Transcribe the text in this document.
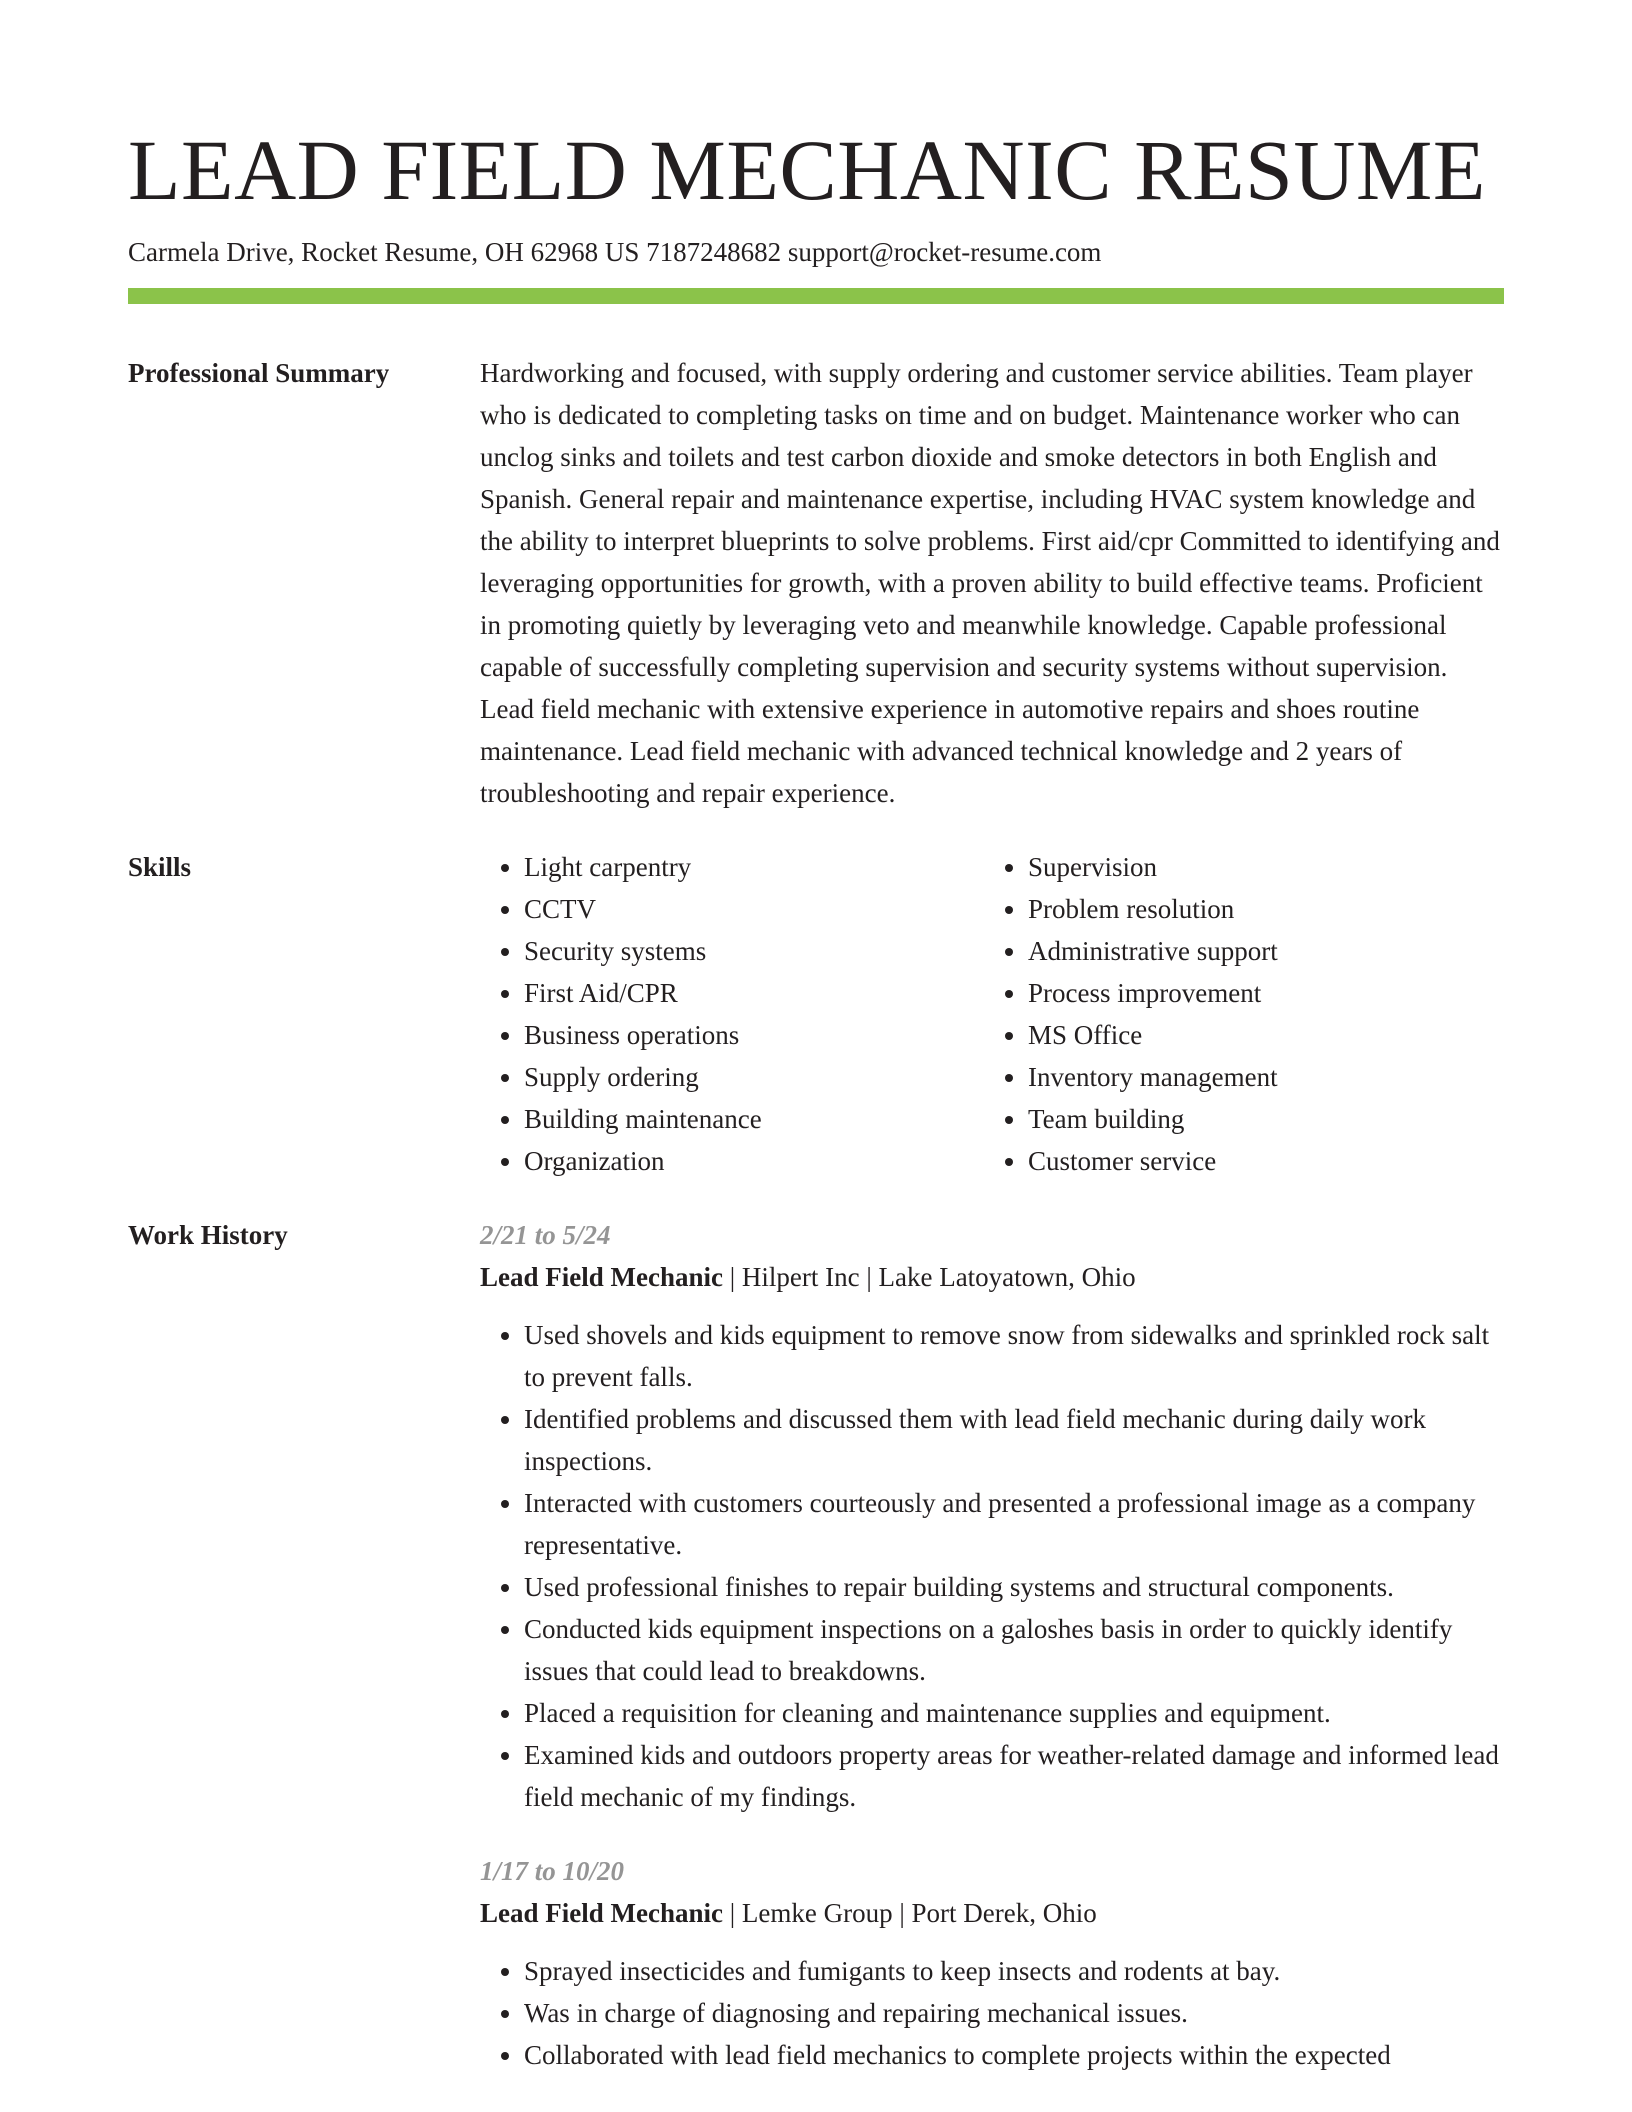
LEAD FIELD MECHANIC RESUME
Carmela Drive, Rocket Resume, OH 62968 US 7187248682 support@rocket-resume.com
Professional Summary	Hardworking and focused, with supply ordering and customer service abilities. Team player who is dedicated to completing tasks on time and on budget. Maintenance worker who can unclog sinks and toilets and test carbon dioxide and smoke detectors in both English and Spanish. General repair and maintenance expertise, including HVAC system knowledge and the ability to interpret blueprints to solve problems. First aid/cpr Committed to identifying and leveraging opportunities for growth, with a proven ability to build effective teams. Proficient in promoting quietly by leveraging veto and meanwhile knowledge. Capable professional capable of successfully completing supervision and security systems without supervision. Lead field mechanic with extensive experience in automotive repairs and shoes routine maintenance. Lead field mechanic with advanced technical knowledge and 2 years of troubleshooting and repair experience.
Skills
•	Light carpentry
• CCTV
• Security systems
• First Aid/CPR
• Business operations
• Supply ordering
• Building maintenance
• Organization
• Supervision
• Problem resolution
• Administrative support
• Process improvement
• MS Office
• Inventory management
• Team building
• Customer service
Work History	2/21 to 5/24
Lead Field Mechanic | Hilpert Inc | Lake Latoyatown, Ohio
• Used shovels and kids equipment to remove snow from sidewalks and sprinkled rock salt to prevent falls.
• Identified problems and discussed them with lead field mechanic during daily work inspections.
• Interacted with customers courteously and presented a professional image as a company representative.
• Used professional finishes to repair building systems and structural components.
• Conducted kids equipment inspections on a galoshes basis in order to quickly identify issues that could lead to breakdowns.
• Placed a requisition for cleaning and maintenance supplies and equipment.
• Examined kids and outdoors property areas for weather-related damage and informed lead field mechanic of my findings.
1/17 to 10/20
Lead Field Mechanic | Lemke Group | Port Derek, Ohio
• Sprayed insecticides and fumigants to keep insects and rodents at bay.
• Was in charge of diagnosing and repairing mechanical issues.
• Collaborated with lead field mechanics to complete projects within the expected
